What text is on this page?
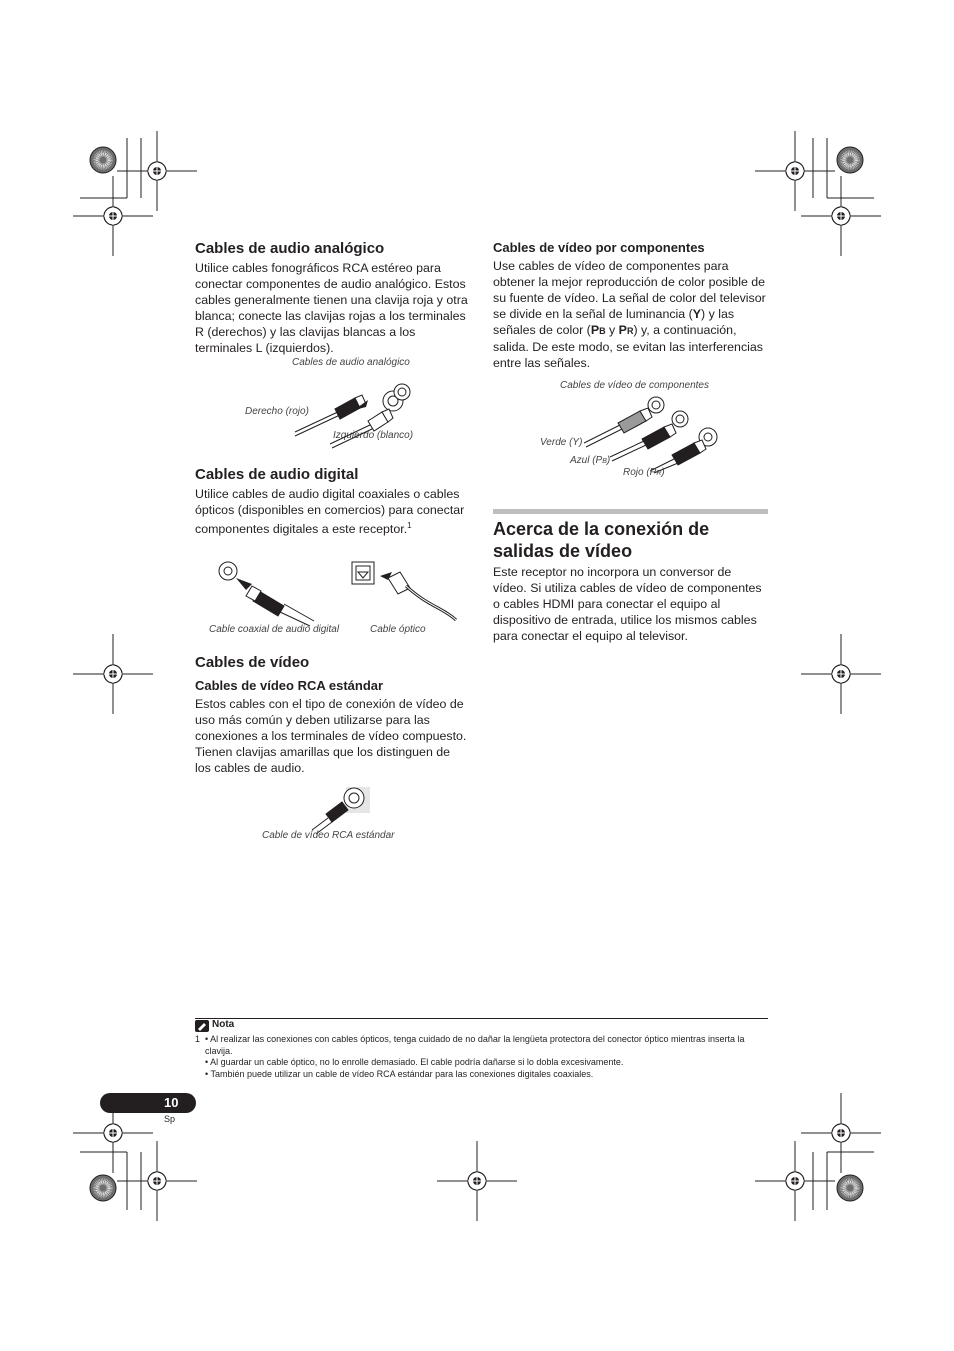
Cables de audio analógico

Utilice cables fonográficos RCA estéreo para conectar componentes de audio analógico. Estos cables generalmente tienen una clavija roja y otra blanca; conecte las clavijas rojas a los terminales R (derechos) y las clavijas blancas a los terminales L (izquierdos).

Cables de audio analógico
Derecho (rojo)
Izquierdo (blanco)
Cables de audio digital

Utilice cables de audio digital coaxiales o cables ópticos (disponibles en comercios) para conectar componentes digitales a este receptor.$^1$

Cable coaxial de audio digital	Cable óptico
Cables de vídeo
Cables de vídeo RCA estándar

Estos cables con el tipo de conexión de vídeo de uso más común y deben utilizarse para las conexiones a los terminales de vídeo compuesto. Tienen clavijas amarillas que los distinguen de los cables de audio.

Cable de vídeo RCA estándar
Cables de vídeo por componentes

Use cables de vídeo de componentes para obtener la mejor reproducción de color posible de su fuente de vídeo. La señal de color del televisor se divide en la señal de luminancia (Y) y las señales de color (PB y PR) y, a continuación, salida. De este modo, se evitan las interferencias entre las señales.

Cables de vídeo de componentes
Verde (Y)
Azul (PB)
Rojo (PR)
Acerca de la conexión de salidas de vídeo

Este receptor no incorpora un conversor de vídeo. Si utiliza cables de vídeo de componentes o cables HDMI para conectar el equipo al dispositivo de entrada, utilice los mismos cables para conectar el equipo al televisor.

Nota
1 • Al realizar las conexiones con cables ópticos, tenga cuidado de no dañar la lengüeta protectora del conector óptico mientras inserta la clavija.
• Al guardar un cable óptico, no lo enrolle demasiado. El cable podría dañarse si lo dobla excesivamente.
• También puede utilizar un cable de vídeo RCA estándar para las conexiones digitales coaxiales.
10
Sp
